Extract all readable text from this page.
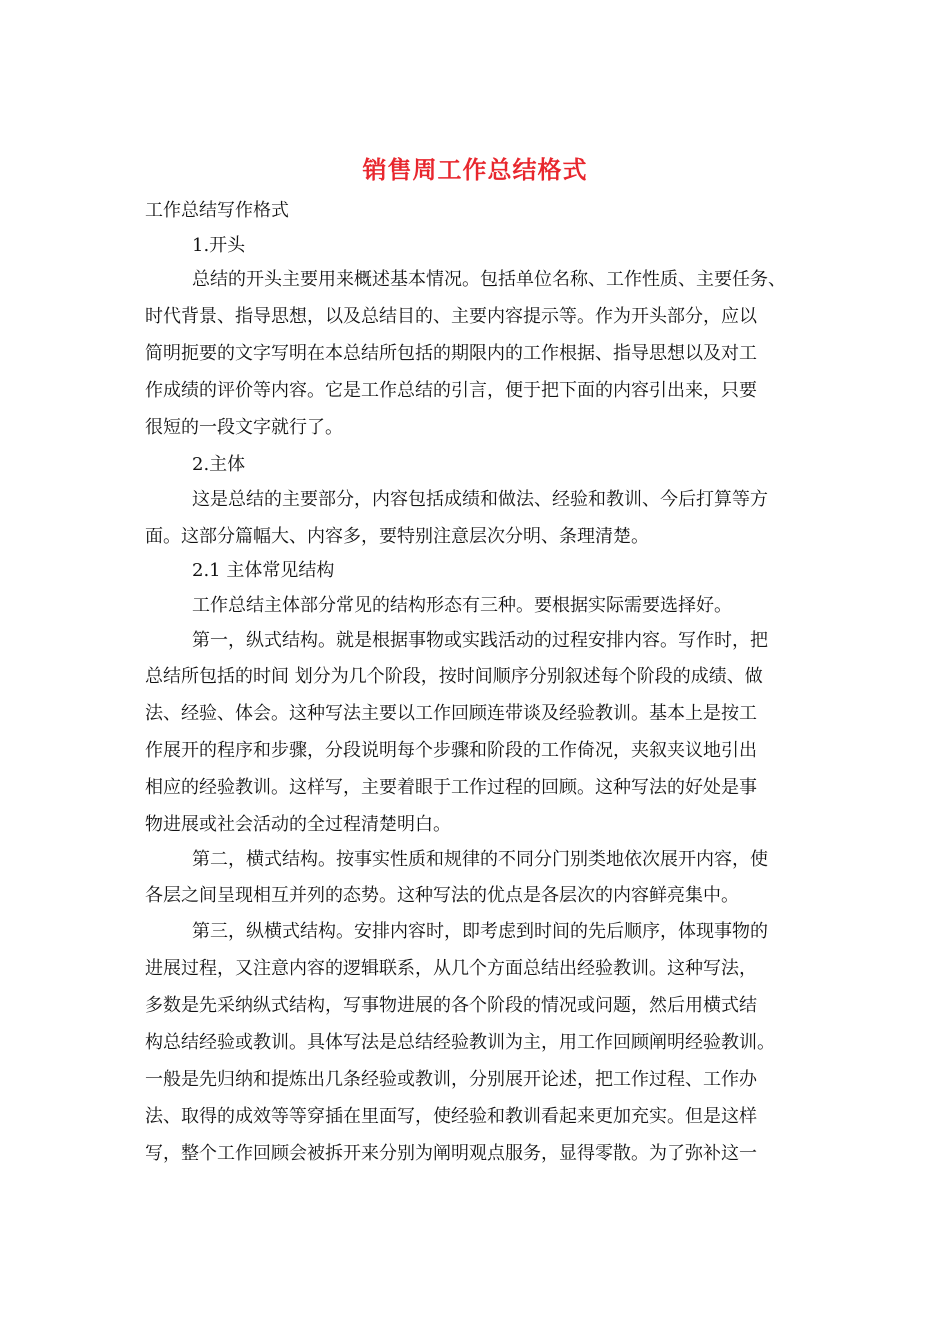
销售周工作总结格式
工作总结写作格式
1.开头
总结的开头主要用来概述基本情况。包括单位名称、工作性质、主要任务、
时代背景、指导思想，以及总结目的、主要内容提示等。作为开头部分，应以
简明扼要的文字写明在本总结所包括的期限内的工作根据、指导思想以及对工
作成绩的评价等内容。它是工作总结的引言，便于把下面的内容引出来，只要
很短的一段文字就行了。
2.主体
这是总结的主要部分，内容包括成绩和做法、经验和教训、今后打算等方
面。这部分篇幅大、内容多，要特别注意层次分明、条理清楚。
2.1 主体常见结构
工作总结主体部分常见的结构形态有三种。要根据实际需要选择好。
第一，纵式结构。就是根据事物或实践活动的过程安排内容。写作时，把
总结所包括的时间 划分为几个阶段，按时间顺序分别叙述每个阶段的成绩、做
法、经验、体会。这种写法主要以工作回顾连带谈及经验教训。基本上是按工
作展开的程序和步骤，分段说明每个步骤和阶段的工作倚况，夹叙夹议地引出
相应的经验教训。这样写，主要着眼于工作过程的回顾。这种写法的好处是事
物进展或社会活动的全过程清楚明白。
第二，横式结构。按事实性质和规律的不同分门别类地依次展开内容，使
各层之间呈现相互并列的态势。这种写法的优点是各层次的内容鲜亮集中。
第三，纵横式结构。安排内容时，即考虑到时间的先后顺序，体现事物的
进展过程，又注意内容的逻辑联系，从几个方面总结出经验教训。这种写法，
多数是先采纳纵式结构，写事物进展的各个阶段的情况或问题，然后用横式结
构总结经验或教训。具体写法是总结经验教训为主，用工作回顾阐明经验教训。
一般是先归纳和提炼出几条经验或教训，分别展开论述，把工作过程、工作办
法、取得的成效等等穿插在里面写，使经验和教训看起来更加充实。但是这样
写，整个工作回顾会被拆开来分别为阐明观点服务，显得零散。为了弥补这一
